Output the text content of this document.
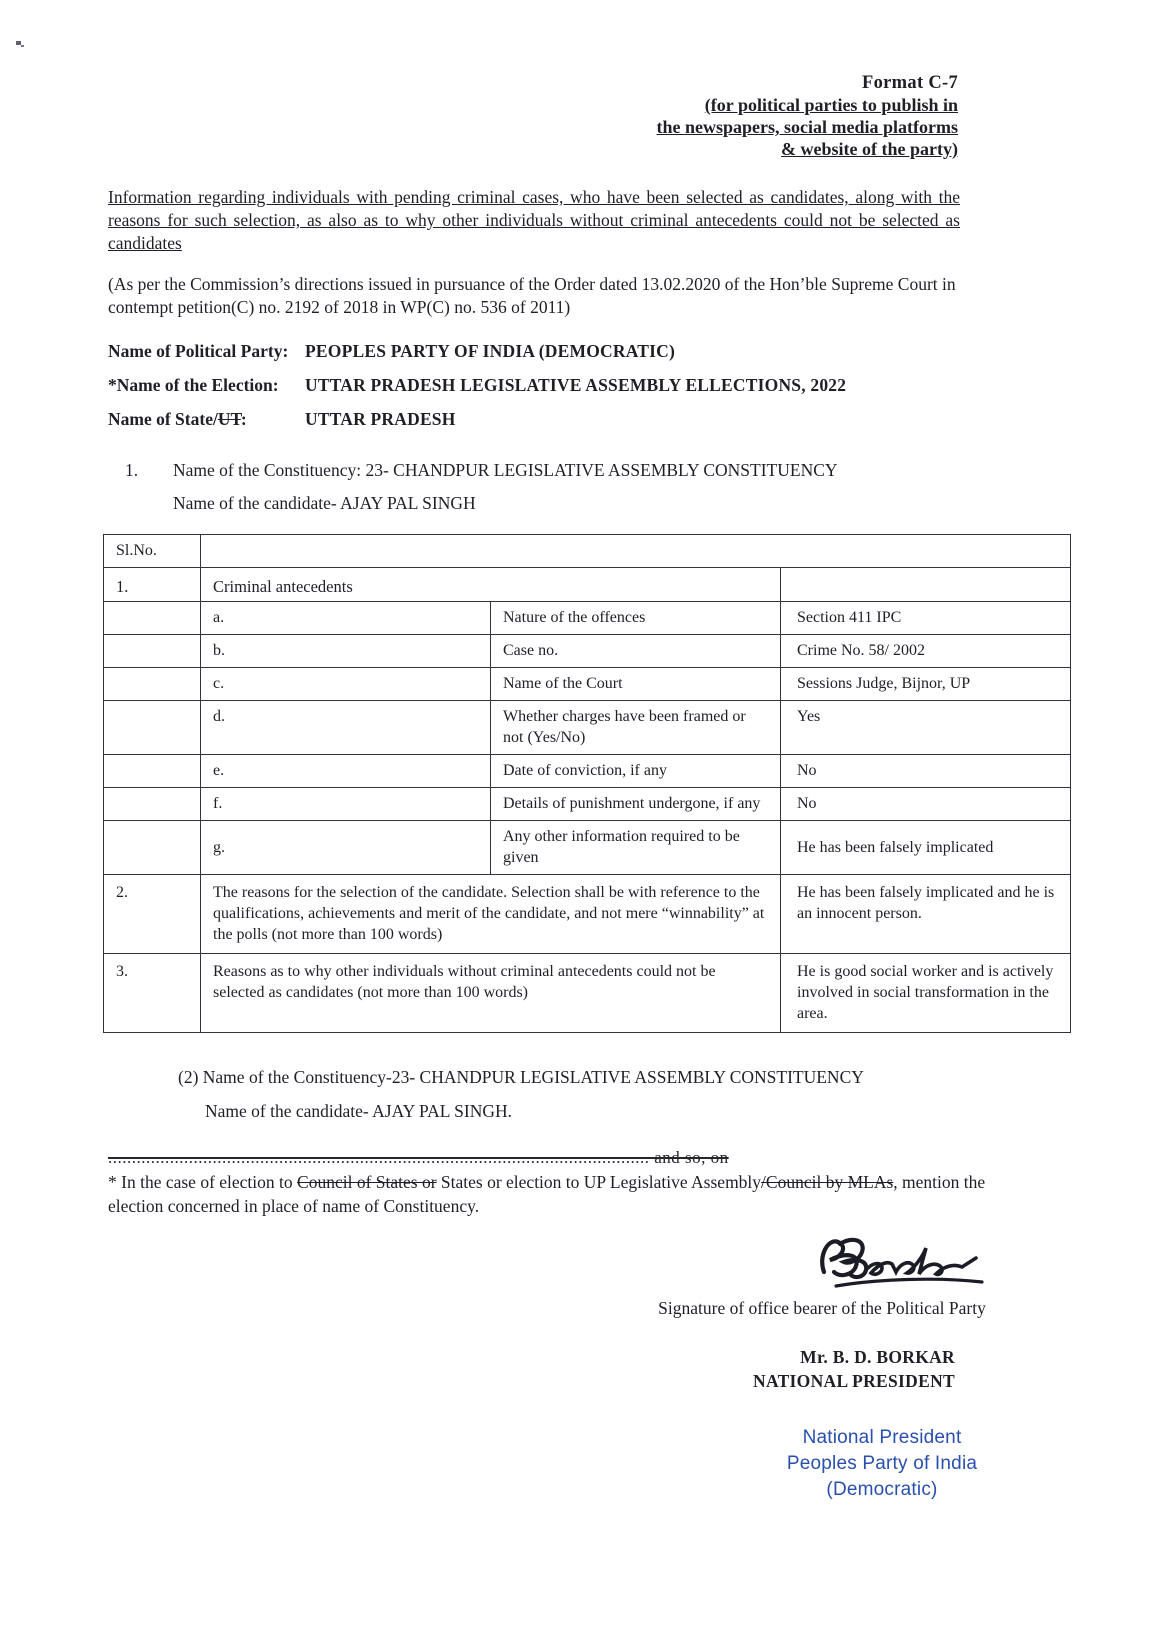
Format C-7
(for political parties to publish in
the newspapers, social media platforms
& website of the party)
Information regarding individuals with pending criminal cases, who have been selected as candidates, along with the reasons for such selection, as also as to why other individuals without criminal antecedents could not be selected as candidates
(As per the Commission’s directions issued in pursuance of the Order dated 13.02.2020 of the Hon’ble Supreme Court in contempt petition(C) no. 2192 of 2018 in WP(C) no. 536 of 2011)
Name of Political Party: PEOPLES PARTY OF INDIA (DEMOCRATIC)
*Name of the Election:	UTTAR PRADESH LEGISLATIVE ASSEMBLY ELLECTIONS, 2022
Name of State/UT:	UTTAR PRADESH
1.	Name of the Constituency: 23- CHANDPUR LEGISLATIVE ASSEMBLY CONSTITUENCY
Name of the candidate- AJAY PAL SINGH
Sl.No.			
1.	Criminal antecedents		
	a.	Nature of the offences	Section 411 IPC
	b.	Case no.	Crime No. 58/ 2002
	c.	Name of the Court	Sessions Judge, Bijnor, UP
	d.	Whether charges have been framed or not (Yes/No)	Yes
	e.	Date of conviction, if any	No
	f.	Details of punishment undergone, if any	No
	g.	Any other information required to be given	He has been falsely implicated
2.	The reasons for the selection of the candidate. Selection shall be with reference to the qualifications, achievements and merit of the candidate, and not mere “winnability” at the polls (not more than 100 words)		He has been falsely implicated and he is an innocent person.
3.	Reasons as to why other individuals without criminal antecedents could not be selected as candidates (not more than 100 words)		He is good social worker and is actively involved in social transformation in the area.
(2) Name of the Constituency-23- CHANDPUR LEGISLATIVE ASSEMBLY CONSTITUENCY
Name of the candidate- AJAY PAL SINGH.
.................................................................................................................. and so, on
* In the case of election to Council of States or States or election to UP Legislative Assembly/Council by MLAs, mention the election concerned in place of name of Constituency.
Signature of office bearer of the Political Party
Mr. B. D. BORKAR
NATIONAL PRESIDENT
National President
Peoples Party of India
(Democratic)
